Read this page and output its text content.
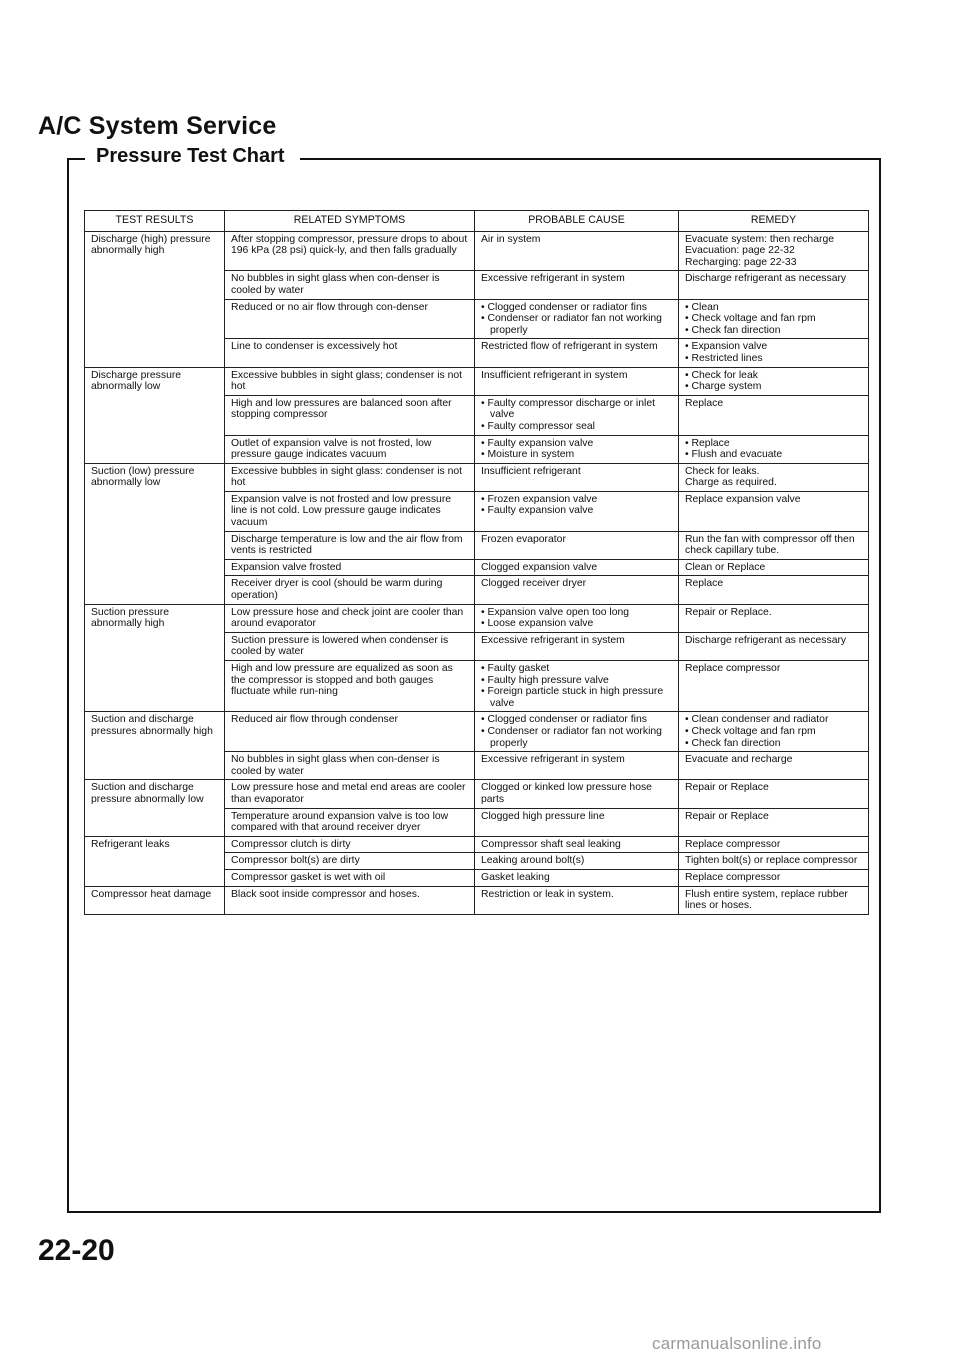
A/C System Service
Pressure Test Chart
TEST RESULTS	RELATED SYMPTOMS	PROBABLE CAUSE	REMEDY
Discharge (high) pressure abnormally high	After stopping compressor, pressure drops to about 196 kPa (28 psi) quick-ly, and then falls gradually	Air in system	Evacuate system: then recharge
Evacuation: page 22-32
Recharging: page 22-33

	No bubbles in sight glass when con-denser is cooled by water	Excessive refrigerant in system	Discharge refrigerant as necessary

	Reduced or no air flow through con-denser	• Clogged condenser or radiator fins
• Condenser or radiator fan not working properly	• Clean
• Check voltage and fan rpm
• Check fan direction

	Line to condenser is excessively hot	Restricted flow of refrigerant in system	• Expansion valve
• Restricted lines

Discharge pressure abnormally low	Excessive bubbles in sight glass; condenser is not hot	Insufficient refrigerant in system	• Check for leak
• Charge system

	High and low pressures are balanced soon after stopping compressor	• Faulty compressor discharge or inlet valve
• Faulty compressor seal	Replace

	Outlet of expansion valve is not frosted, low pressure gauge indicates vacuum	• Faulty expansion valve
• Moisture in system	• Replace
• Flush and evacuate

Suction (low) pressure abnormally low	Excessive bubbles in sight glass: condenser is not hot	Insufficient refrigerant	Check for leaks.
Charge as required.

	Expansion valve is not frosted and low pressure line is not cold. Low pressure gauge indicates vacuum	• Frozen expansion valve
• Faulty expansion valve	Replace expansion valve

	Discharge temperature is low and the air flow from vents is restricted	Frozen evaporator	Run the fan with compressor off then check capillary tube.

	Expansion valve frosted	Clogged expansion valve	Clean or Replace

	Receiver dryer is cool (should be warm during operation)	Clogged receiver dryer	Replace

Suction pressure abnormally high	Low pressure hose and check joint are cooler than around evaporator	• Expansion valve open too long
• Loose expansion valve	Repair or Replace.

	Suction pressure is lowered when condenser is cooled by water	Excessive refrigerant in system	Discharge refrigerant as necessary

	High and low pressure are equalized as soon as the compressor is stopped and both gauges fluctuate while run-ning	• Faulty gasket
• Faulty high pressure valve
• Foreign particle stuck in high pressure valve	Replace compressor

Suction and discharge pressures abnormally high	Reduced air flow through condenser	• Clogged condenser or radiator fins
• Condenser or radiator fan not working properly	• Clean condenser and radiator
• Check voltage and fan rpm
• Check fan direction

	No bubbles in sight glass when con-denser is cooled by water	Excessive refrigerant in system	Evacuate and recharge

Suction and discharge pressure abnormally low	Low pressure hose and metal end areas are cooler than evaporator	Clogged or kinked low pressure hose parts	Repair or Replace

	Temperature around expansion valve is too low compared with that around receiver dryer	Clogged high pressure line	Repair or Replace

Refrigerant leaks	Compressor clutch is dirty	Compressor shaft seal leaking	Replace compressor

	Compressor bolt(s) are dirty	Leaking around bolt(s)	Tighten bolt(s) or replace compressor

	Compressor gasket is wet with oil	Gasket leaking	Replace compressor

Compressor heat damage	Black soot inside compressor and hoses.	Restriction or leak in system.	Flush entire system, replace rubber lines or hoses.
22-20
carmanualsonline.info
